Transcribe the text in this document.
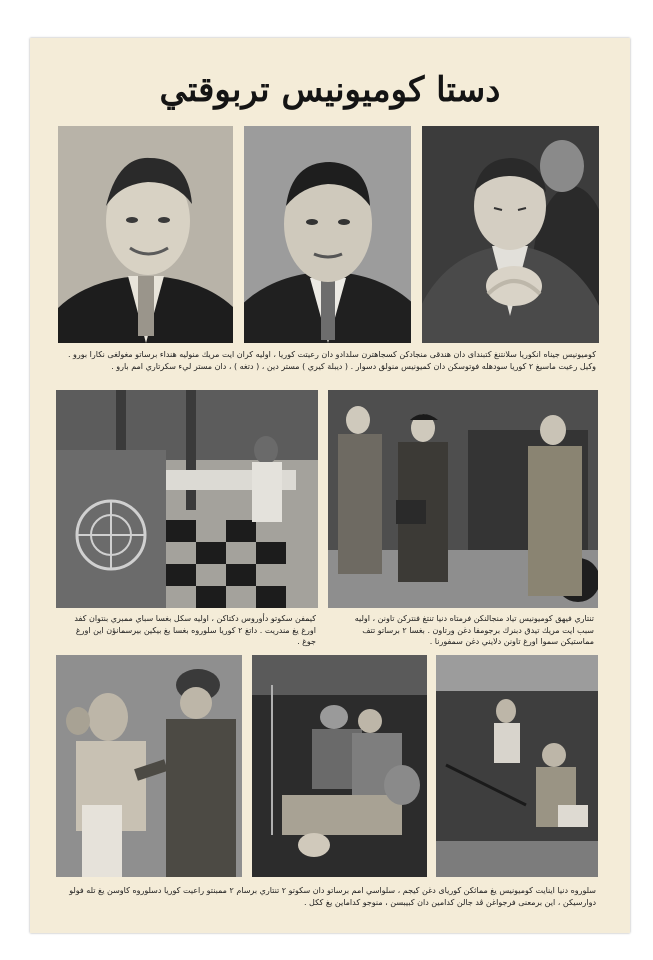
دستا كوميونيس تربوقتي
كوميونيس جيناه انكوريا سلانتنغ كتبنداى دان هندقى منجادكن كسجاهترن سلدادو دان رعيتت كوريا ، اوليه كران ايت مريك منوليه هنداء برساتو مغولغى نكارا بورو . وكيل رعيت ماسيغ ٢ كوريا سودهله فوتوسكن دان كميونيس منولق دسوار . ( ديبلة كيري ) مستر دين ، ( دتغه ) ، دان مستر ليء سكرتاري امم بارو .
كيمفن سكوتو دأوروس دكتاكن ، اوليه سكل بغسا سباي ممبري بنتوان كفد اورغ يغ مندريت . داتغ ٢ كوريا سلوروه بغسا يغ بيكين بيرسمانؤن اين اورغ جوغ .
تنتاري فيهق كوميونيس تياد منجالنكن فرمتاه دنيا تنتغ فنتركن تاونن ، اوليه سبب ايت مريك تيدق دبنرك برجومفا دغن ورتاون . بغسا ٢ برساتو تتف مماستيكن سموا اورغ تاونن دلايني دغن سمفورنا .
سلوروه دنيا اينايت كوميونيس يغ مماثكن كورياى دغن كيجم ، سلواسي امم برساتو دان سكوتو ٢ تنتاري برسام ٢ ممبنتو راعيت كوريا دسلوروه كاوسن يغ تله فولو دوارسيكن ، اين برمعنى فرجواغن ڤد جالن كدامين دان كبيبسن ، منوجو كداماين يغ ككل .
